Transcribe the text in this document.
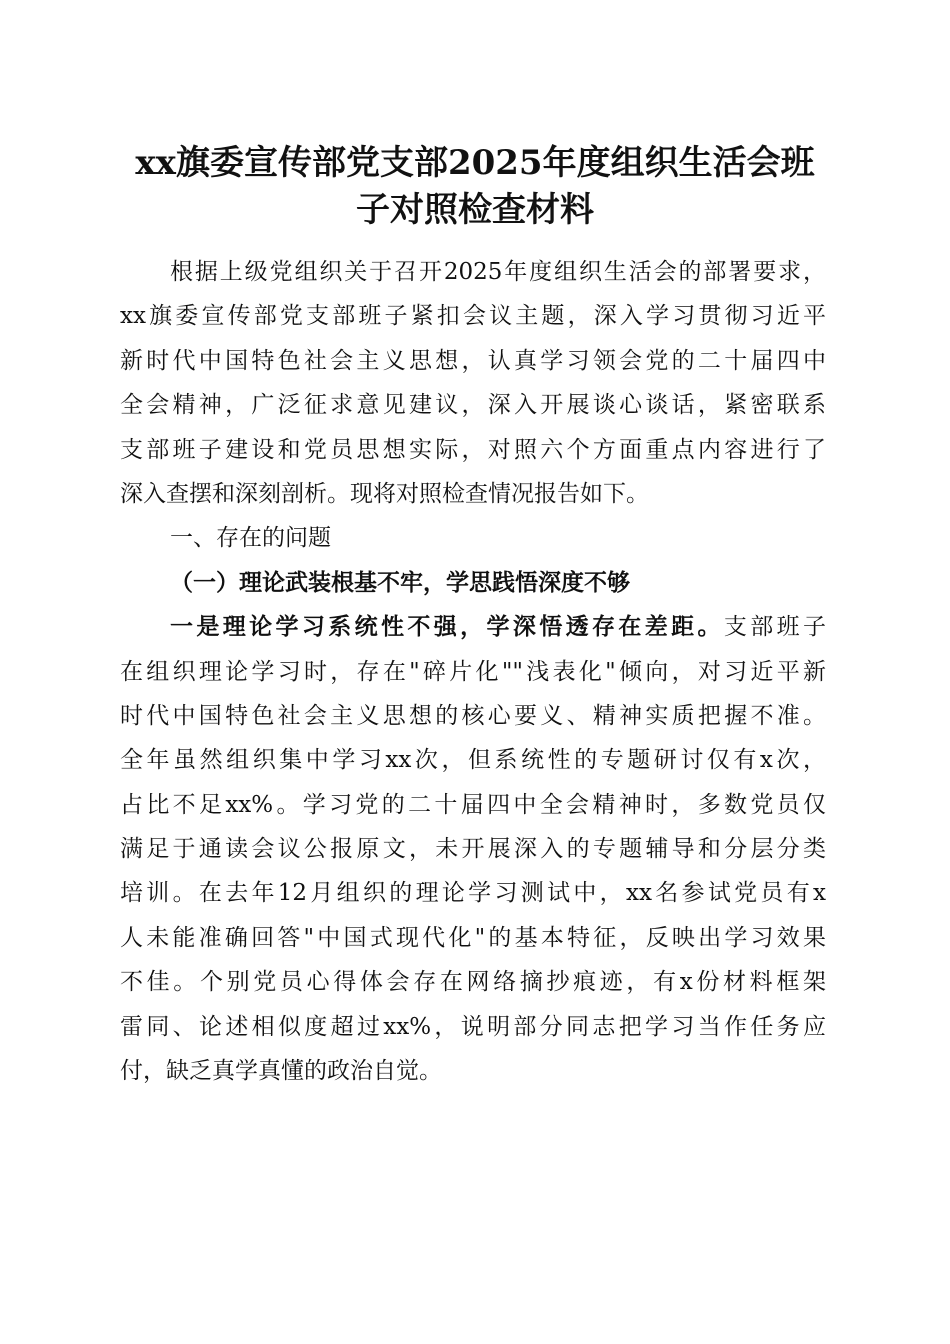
xx旗委宣传部党支部2025年度组织生活会班
子对照检查材料
根据上级党组织关于召开2025年度组织生活会的部署要求，
xx旗委宣传部党支部班子紧扣会议主题，深入学习贯彻习近平
新时代中国特色社会主义思想，认真学习领会党的二十届四中
全会精神，广泛征求意见建议，深入开展谈心谈话，紧密联系
支部班子建设和党员思想实际，对照六个方面重点内容进行了
深入查摆和深刻剖析。现将对照检查情况报告如下。
一、存在的问题
（一）理论武装根基不牢，学思践悟深度不够
一是理论学习系统性不强，学深悟透存在差距。支部班子
在组织理论学习时，存在"碎片化""浅表化"倾向，对习近平新
时代中国特色社会主义思想的核心要义、精神实质把握不准。
全年虽然组织集中学习xx次，但系统性的专题研讨仅有x次，
占比不足xx%。学习党的二十届四中全会精神时，多数党员仅
满足于通读会议公报原文，未开展深入的专题辅导和分层分类
培训。在去年12月组织的理论学习测试中，xx名参试党员有x
人未能准确回答"中国式现代化"的基本特征，反映出学习效果
不佳。个别党员心得体会存在网络摘抄痕迹，有x份材料框架
雷同、论述相似度超过xx%，说明部分同志把学习当作任务应
付，缺乏真学真懂的政治自觉。
